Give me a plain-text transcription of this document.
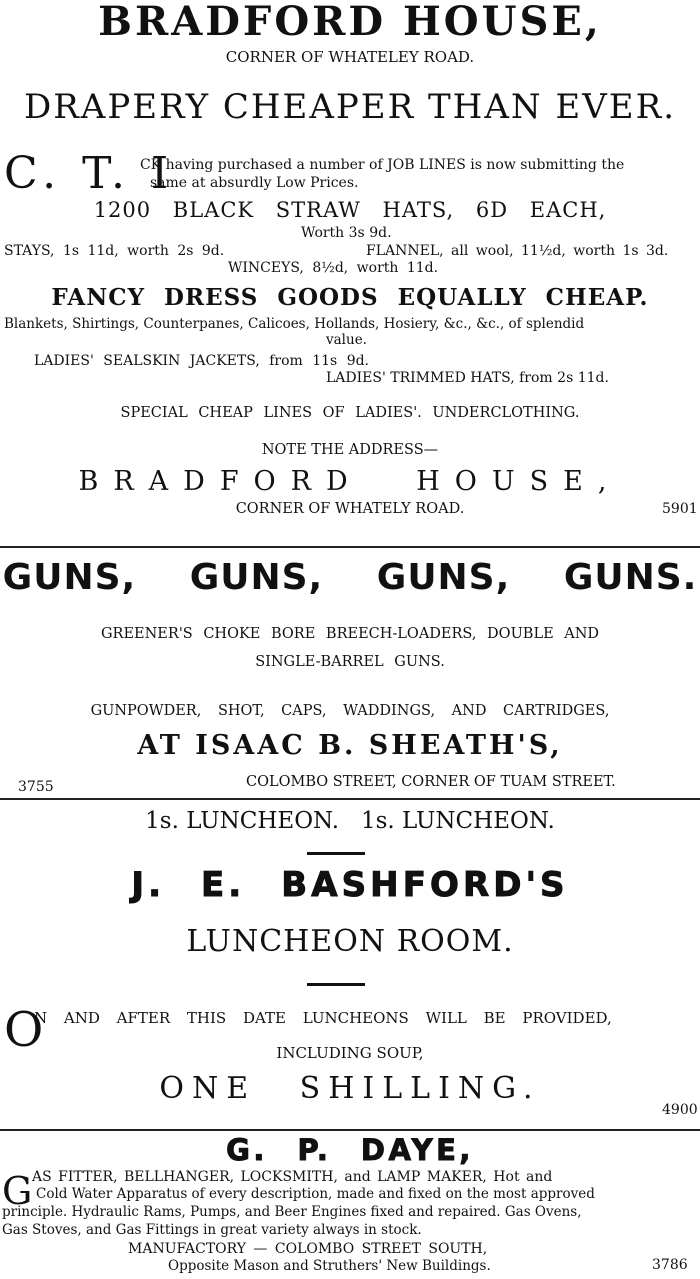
BRADFORD HOUSE,
CORNER OF WHATELEY ROAD.
DRAPERY CHEAPER THAN EVER.
C. T. I
CK having purchased a number of JOB LINES is now submitting the
same at absurdly Low Prices.
1200 BLACK STRAW HATS, 6D EACH,
Worth 3s 9d.
STAYS, 1s 11d, worth 2s 9d.	FLANNEL, all wool, 11½d, worth 1s 3d.
WINCEYS, 8½d, worth 11d.
FANCY DRESS GOODS EQUALLY CHEAP.
Blankets, Shirtings, Counterpanes, Calicoes, Hollands, Hosiery, &c., &c., of splendid
value.
LADIES' SEALSKIN JACKETS, from 11s 9d.
LADIES' TRIMMED HATS, from 2s 11d.
SPECIAL CHEAP LINES OF LADIES'. UNDERCLOTHING.
NOTE THE ADDRESS—
BRADFORD HOUSE,
CORNER OF WHATELY ROAD.	5901
GUNS, GUNS, GUNS, GUNS.
GREENER'S CHOKE BORE BREECH-LOADERS, DOUBLE AND
SINGLE-BARREL GUNS.
GUNPOWDER, SHOT, CAPS, WADDINGS, AND CARTRIDGES,
AT ISAAC B. SHEATH'S,
3755	COLOMBO STREET, CORNER OF TUAM STREET.
1s. LUNCHEON.   1s. LUNCHEON.
J. E. BASHFORD'S
LUNCHEON ROOM.
O
N AND AFTER THIS DATE LUNCHEONS WILL BE PROVIDED,
INCLUDING SOUP,
ONE SHILLING.
4900
G. P. DAYE,
G AS FITTER, BELLHANGER, LOCKSMITH, and LAMP MAKER, Hot and
Cold Water Apparatus of every description, made and fixed on the most approved
principle. Hydraulic Rams, Pumps, and Beer Engines fixed and repaired. Gas Ovens,
Gas Stoves, and Gas Fittings in great variety always in stock.
MANUFACTORY — COLOMBO STREET SOUTH,
Opposite Mason and Struthers' New Buildings.	3786
